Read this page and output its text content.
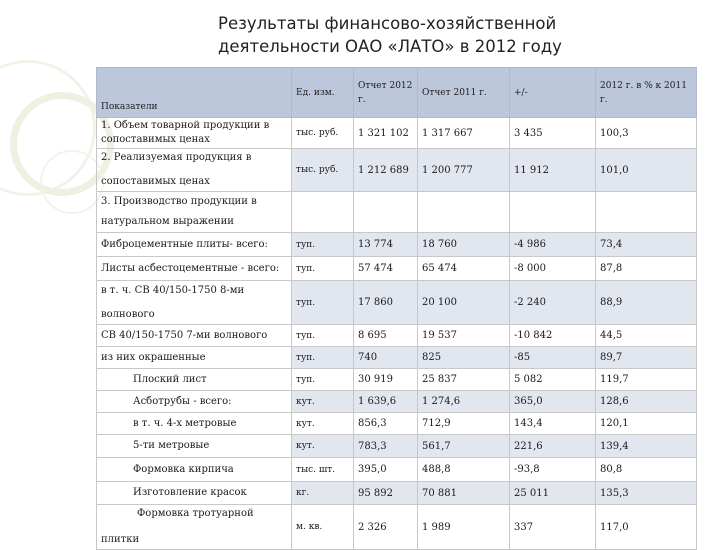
Результаты финансово-хозяйственной
деятельности ОАО «ЛАТО» в 2012 году
Показатели	Ед. изм.	Отчет 2012 г.	Отчет 2011 г.	+/-	2012 г. в % к 2011 г.
1. Объем товарной продукции в сопоставимых ценах	тыс. руб.	1 321 102	1 317 667	3 435	100,3

2. Реализуемая продукция в
сопоставимых ценах	тыс. руб.	1 212 689	1 200 777	11 912	101,0
3. Производство продукции в натуральном выражении					
Фиброцементные плиты- всего:	туп.	13 774	18 760	-4 986	73,4
Листы асбестоцементные - всего:	туп.	57 474	65 474	-8 000	87,8

в т. ч. СВ 40/150-1750 8-ми
волнового	туп.	17 860	20 100	-2 240	88,9
СВ 40/150-1750 7-ми волнового	туп.	8 695	19 537	-10 842	44,5
из них окрашенные	туп.	740	825	-85	89,7
Плоский лист	туп.	30 919	25 837	5 082	119,7
Асботрубы - всего:	кут.	1 639,6	1 274,6	365,0	128,6
в т. ч. 4-х метровые	кут.	856,3	712,9	143,4	120,1
5-ти метровые	кут.	783,3	561,7	221,6	139,4
Формовка кирпича	тыс. шт.	395,0	488,8	-93,8	80,8
Изготовление красок	кг.	95 892	70 881	25 011	135,3

Формовка тротуарной
плитки	м. кв.	2 326	1 989	337	117,0
